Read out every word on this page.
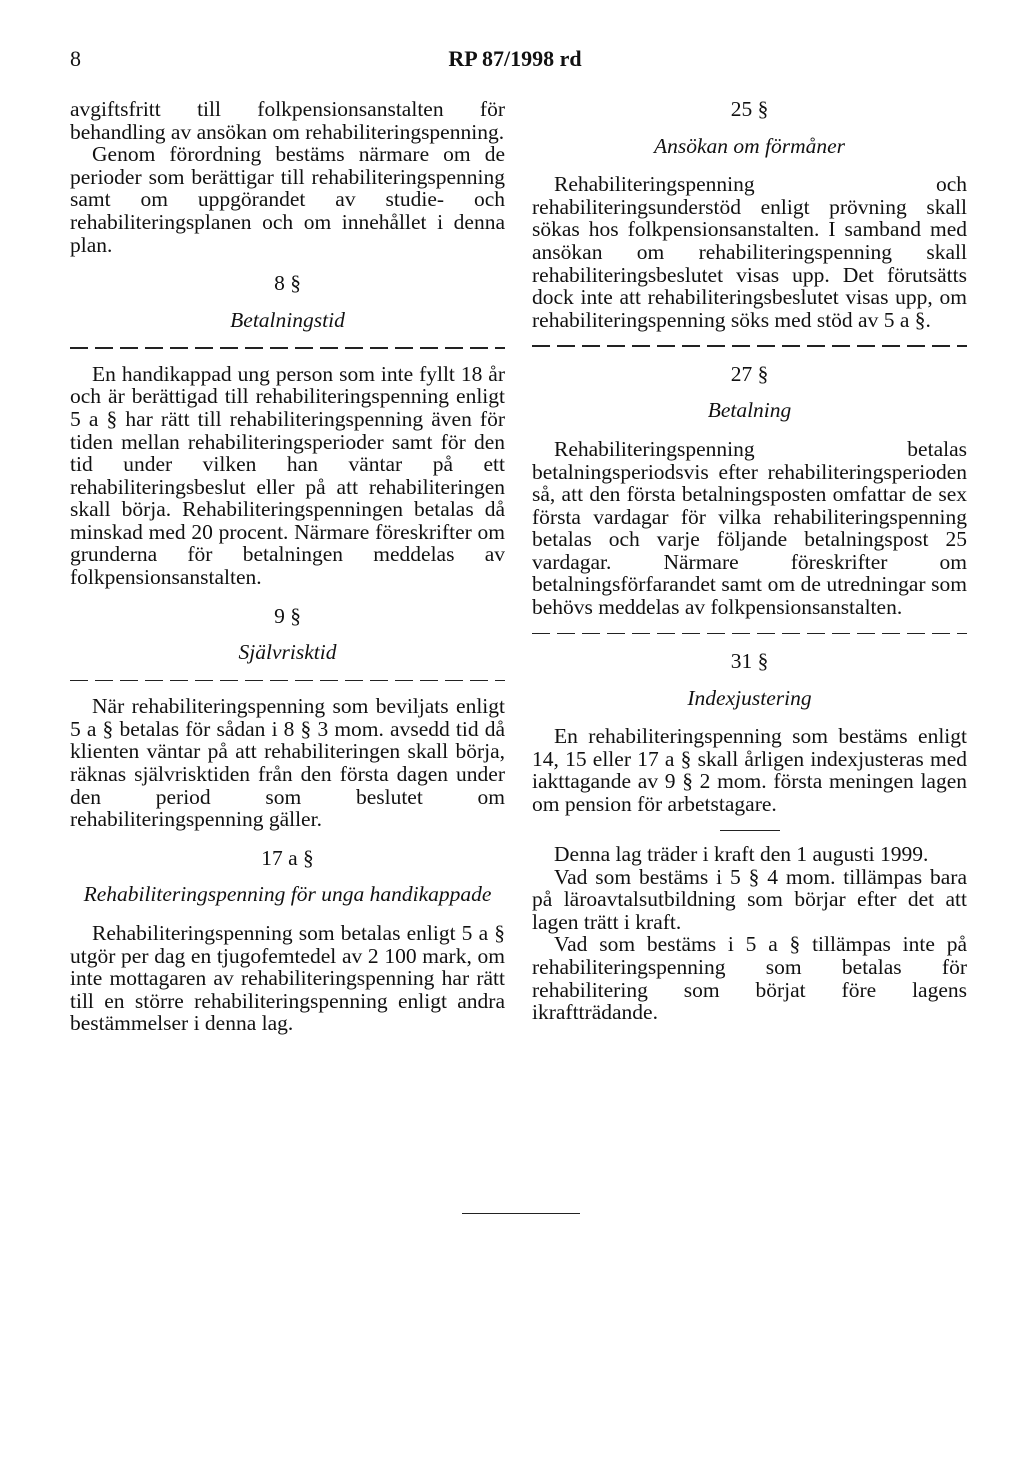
8	RP 87/1998 rd

avgiftsfritt till folkpensionsanstalten för behandling av ansökan om rehabiliteringspenning.

Genom förordning bestäms närmare om de perioder som berättigar till rehabiliteringspenning samt om uppgörandet av studie- och rehabiliteringsplanen och om innehållet i denna plan.

8 §
Betalningstid

En handikappad ung person som inte fyllt 18 år och är berättigad till rehabiliteringspenning enligt 5 a § har rätt till rehabiliteringspenning även för tiden mellan rehabiliteringsperioder samt för den tid under vilken han väntar på ett rehabiliteringsbeslut eller på att rehabiliteringen skall börja. Rehabiliteringspenningen betalas då minskad med 20 procent. Närmare föreskrifter om grunderna för betalningen meddelas av folkpensionsanstalten.

9 §
Självrisktid

När rehabiliteringspenning som beviljats enligt 5 a § betalas för sådan i 8 § 3 mom. avsedd tid då klienten väntar på att rehabiliteringen skall börja, räknas självrisktiden från den första dagen under den period som beslutet om rehabiliteringspenning gäller.

17 a §
Rehabiliteringspenning för unga handikappade

Rehabiliteringspenning som betalas enligt 5 a § utgör per dag en tjugofemtedel av 2 100 mark, om inte mottagaren av rehabiliteringspenning har rätt till en större rehabiliteringspenning enligt andra bestämmelser i denna lag.

25 §
Ansökan om förmåner

Rehabiliteringspenning och rehabiliteringsunderstöd enligt prövning skall sökas hos folkpensionsanstalten. I samband med ansökan om rehabiliteringspenning skall rehabiliteringsbeslutet visas upp. Det förutsätts dock inte att rehabiliteringsbeslutet visas upp, om rehabiliteringspenning söks med stöd av 5 a §.

27 §
Betalning

Rehabiliteringspenning betalas betalningsperiodsvis efter rehabiliteringsperioden så, att den första betalningsposten omfattar de sex första vardagar för vilka rehabiliteringspenning betalas och varje följande betalningspost 25 vardagar. Närmare föreskrifter om betalningsförfarandet samt om de utredningar som behövs meddelas av folkpensionsanstalten.

31 §
Indexjustering

En rehabiliteringspenning som bestäms enligt 14, 15 eller 17 a § skall årligen indexjusteras med iakttagande av 9 § 2 mom. första meningen lagen om pension för arbetstagare.

Denna lag träder i kraft den 1 augusti 1999.

Vad som bestäms i 5 § 4 mom. tillämpas bara på läroavtalsutbildning som börjar efter det att lagen trätt i kraft.

Vad som bestäms i 5 a § tillämpas inte på rehabiliteringspenning som betalas för rehabilitering som börjat före lagens ikraftträdande.
